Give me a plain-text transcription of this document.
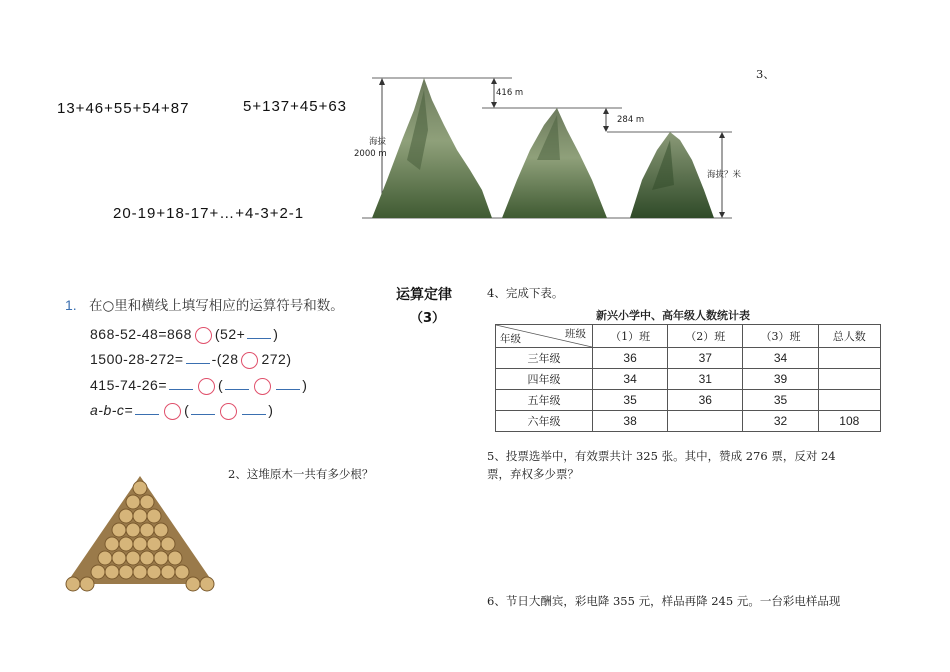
3、
13+46+55+54+87	5+137+45+63
20-19+18-17+…+4-3+2-1
海拔
2000 m
416 m
284 m
海拔？米
运算定律
（3）
1. 在○里和横线上填写相应的运算符号和数。
868-52-48=868 (52+ )
1500-28-272= -(28 272)
415-74-26=	(	)
a-b-c=	(	)
2、这堆原木一共有多少根？
4、完成下表。
新兴小学中、高年级人数统计表
班级
年级	（1）班	（2）班	（3）班	总人数
三年级	36	37	34	
四年级	34	31	39	
五年级	35	36	35	
六年级	38		32	108
5、投票选举中，有效票共计 325 张。其中，赞成 276 票，反对 24
票，弃权多少票？
6、节日大酬宾，彩电降 355 元，样品再降 245 元。一台彩电样品现
